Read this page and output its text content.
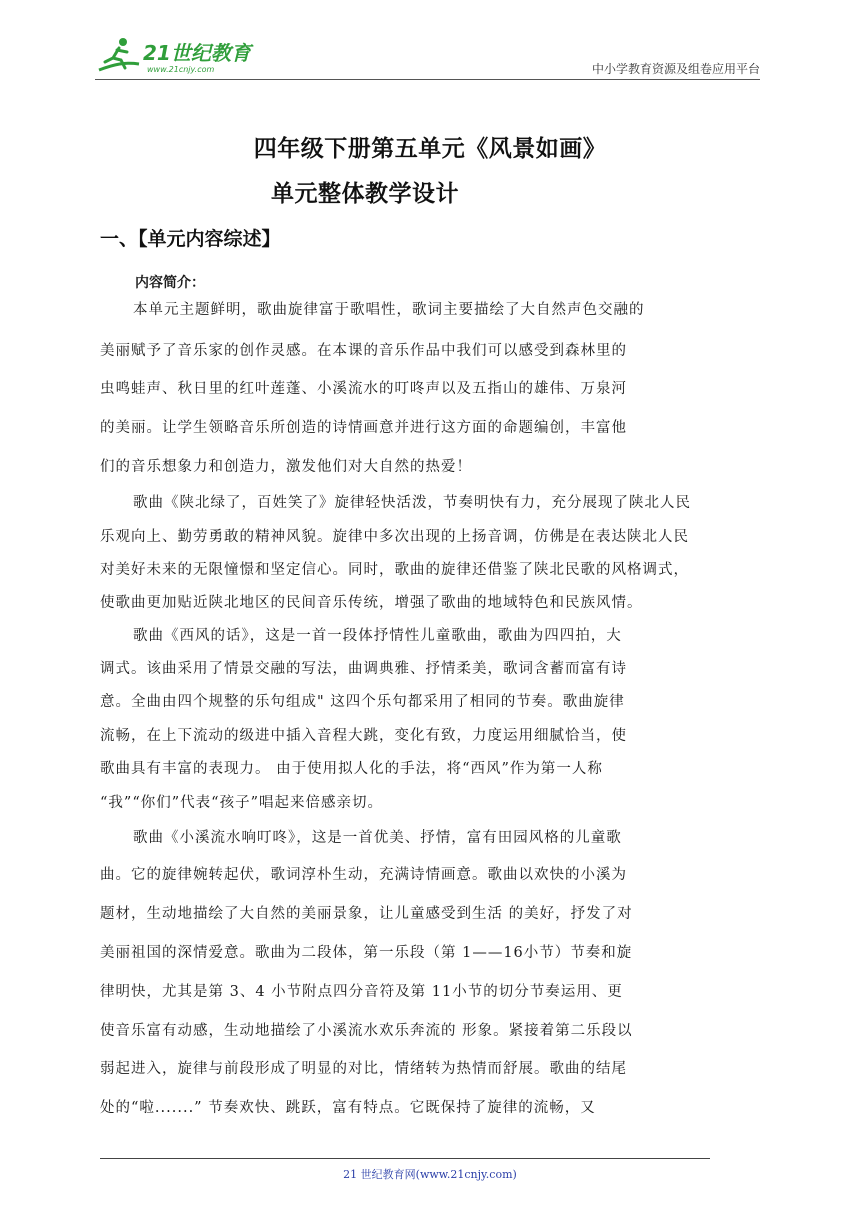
21世纪教育
www.21cnjy.com	中小学教育资源及组卷应用平台
四年级下册第五单元《风景如画》
单元整体教学设计
一、【单元内容综述】
内容简介：
本单元主题鲜明，歌曲旋律富于歌唱性，歌词主要描绘了大自然声色交融的
美丽赋予了音乐家的创作灵感。在本课的音乐作品中我们可以感受到森林里的
虫鸣蛙声、秋日里的红叶莲蓬、小溪流水的叮咚声以及五指山的雄伟、万泉河
的美丽。让学生领略音乐所创造的诗情画意并进行这方面的命题编创，丰富他
们的音乐想象力和创造力，激发他们对大自然的热爱！
歌曲《陕北绿了，百姓笑了》旋律轻快活泼，节奏明快有力，充分展现了陕北人民
乐观向上、勤劳勇敢的精神风貌。旋律中多次出现的上扬音调，仿佛是在表达陕北人民
对美好未来的无限憧憬和坚定信心。同时，歌曲的旋律还借鉴了陕北民歌的风格调式，
使歌曲更加贴近陕北地区的民间音乐传统，增强了歌曲的地域特色和民族风情。
歌曲《西风的话》，这是一首一段体抒情性儿童歌曲，歌曲为四四拍，大
调式。该曲采用了情景交融的写法，曲调典雅、抒情柔美，歌词含蓄而富有诗
意。全曲由四个规整的乐句组成" 这四个乐句都采用了相同的节奏。歌曲旋律
流畅，在上下流动的级进中插入音程大跳，变化有致，力度运用细腻恰当，使
歌曲具有丰富的表现力。 由于使用拟人化的手法，将“西风”作为第一人称
“我”“你们”代表“孩子”唱起来倍感亲切。
歌曲《小溪流水响叮咚》，这是一首优美、抒情，富有田园风格的儿童歌
曲。它的旋律婉转起伏，歌词淳朴生动，充满诗情画意。歌曲以欢快的小溪为
题材，生动地描绘了大自然的美丽景象，让儿童感受到生活 的美好，抒发了对
美丽祖国的深情爱意。歌曲为二段体，第一乐段（第 1——16小节）节奏和旋
律明快，尤其是第 3、4 小节附点四分音符及第 11小节的切分节奏运用、更
使音乐富有动感，生动地描绘了小溪流水欢乐奔流的 形象。紧接着第二乐段以
弱起进入，旋律与前段形成了明显的对比，情绪转为热情而舒展。歌曲的结尾
处的“啦.......” 节奏欢快、跳跃，富有特点。它既保持了旋律的流畅，又
21 世纪教育网(www.21cnjy.com)
